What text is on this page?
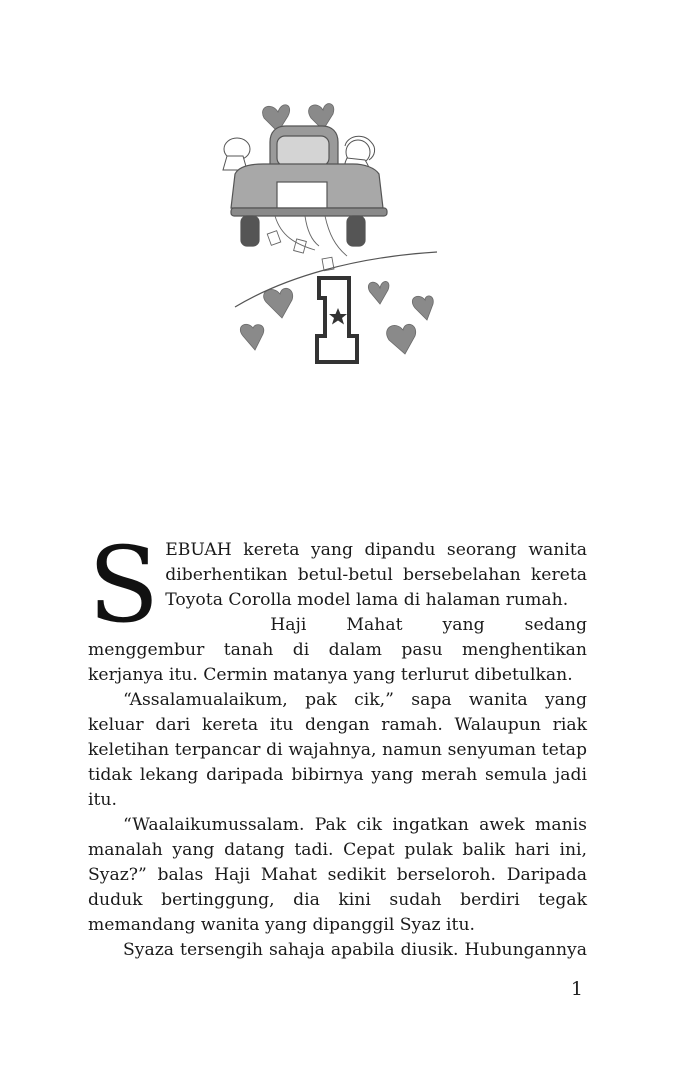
SEBUAH kereta yang dipandu seorang wanita diberhentikan betul-betul bersebelahan kereta Toyota Corolla model lama di halaman rumah.

Haji Mahat yang sedang menggembur tanah di dalam pasu menghentikan kerjanya itu. Cermin matanya yang terlurut dibetulkan.

“Assalamualaikum, pak cik,” sapa wanita yang keluar dari kereta itu dengan ramah. Walaupun riak keletihan terpancar di wajahnya, namun senyuman tetap tidak lekang daripada bibirnya yang merah semula jadi itu.

“Waalaikumussalam. Pak cik ingatkan awek manis manalah yang datang tadi. Cepat pulak balik hari ini, Syaz?” balas Haji Mahat sedikit berseloroh. Daripada duduk bertinggung, dia kini sudah berdiri tegak memandang wanita yang dipanggil Syaz itu.

Syaza tersengih sahaja apabila diusik. Hubungannya

1
